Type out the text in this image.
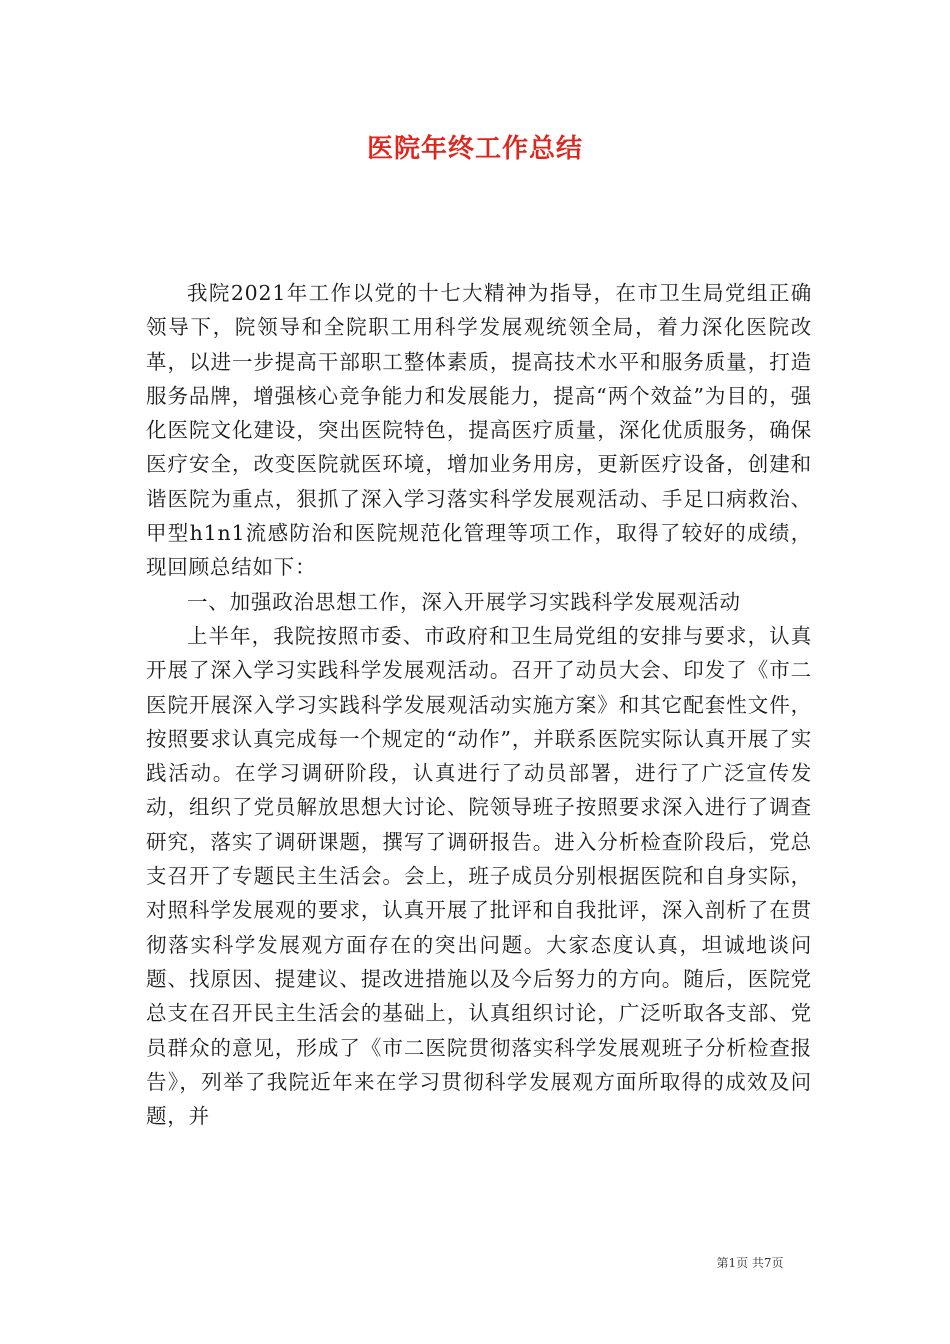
医院年终工作总结

我院2021年工作以党的十七大精神为指导，在市卫生局党组正确领导下，院领导和全院职工用科学发展观统领全局，着力深化医院改革，以进一步提高干部职工整体素质，提高技术水平和服务质量，打造服务品牌，增强核心竞争能力和发展能力，提高“两个效益”为目的，强化医院文化建设，突出医院特色，提高医疗质量，深化优质服务，确保医疗安全，改变医院就医环境，增加业务用房，更新医疗设备，创建和谐医院为重点，狠抓了深入学习落实科学发展观活动、手足口病救治、甲型h1n1流感防治和医院规范化管理等项工作，取得了较好的成绩，现回顾总结如下：

一、加强政治思想工作，深入开展学习实践科学发展观活动

上半年，我院按照市委、市政府和卫生局党组的安排与要求，认真开展了深入学习实践科学发展观活动。召开了动员大会、印发了《市二医院开展深入学习实践科学发展观活动实施方案》和其它配套性文件，按照要求认真完成每一个规定的“动作”，并联系医院实际认真开展了实践活动。在学习调研阶段，认真进行了动员部署，进行了广泛宣传发动，组织了党员解放思想大讨论、院领导班子按照要求深入进行了调查研究，落实了调研课题，撰写了调研报告。进入分析检查阶段后，党总支召开了专题民主生活会。会上，班子成员分别根据医院和自身实际，对照科学发展观的要求，认真开展了批评和自我批评，深入剖析了在贯彻落实科学发展观方面存在的突出问题。大家态度认真，坦诚地谈问题、找原因、提建议、提改进措施以及今后努力的方向。随后，医院党总支在召开民主生活会的基础上，认真组织讨论，广泛听取各支部、党员群众的意见，形成了《市二医院贯彻落实科学发展观班子分析检查报告》，列举了我院近年来在学习贯彻科学发展观方面所取得的成效及问题，并

第1页 共7页
